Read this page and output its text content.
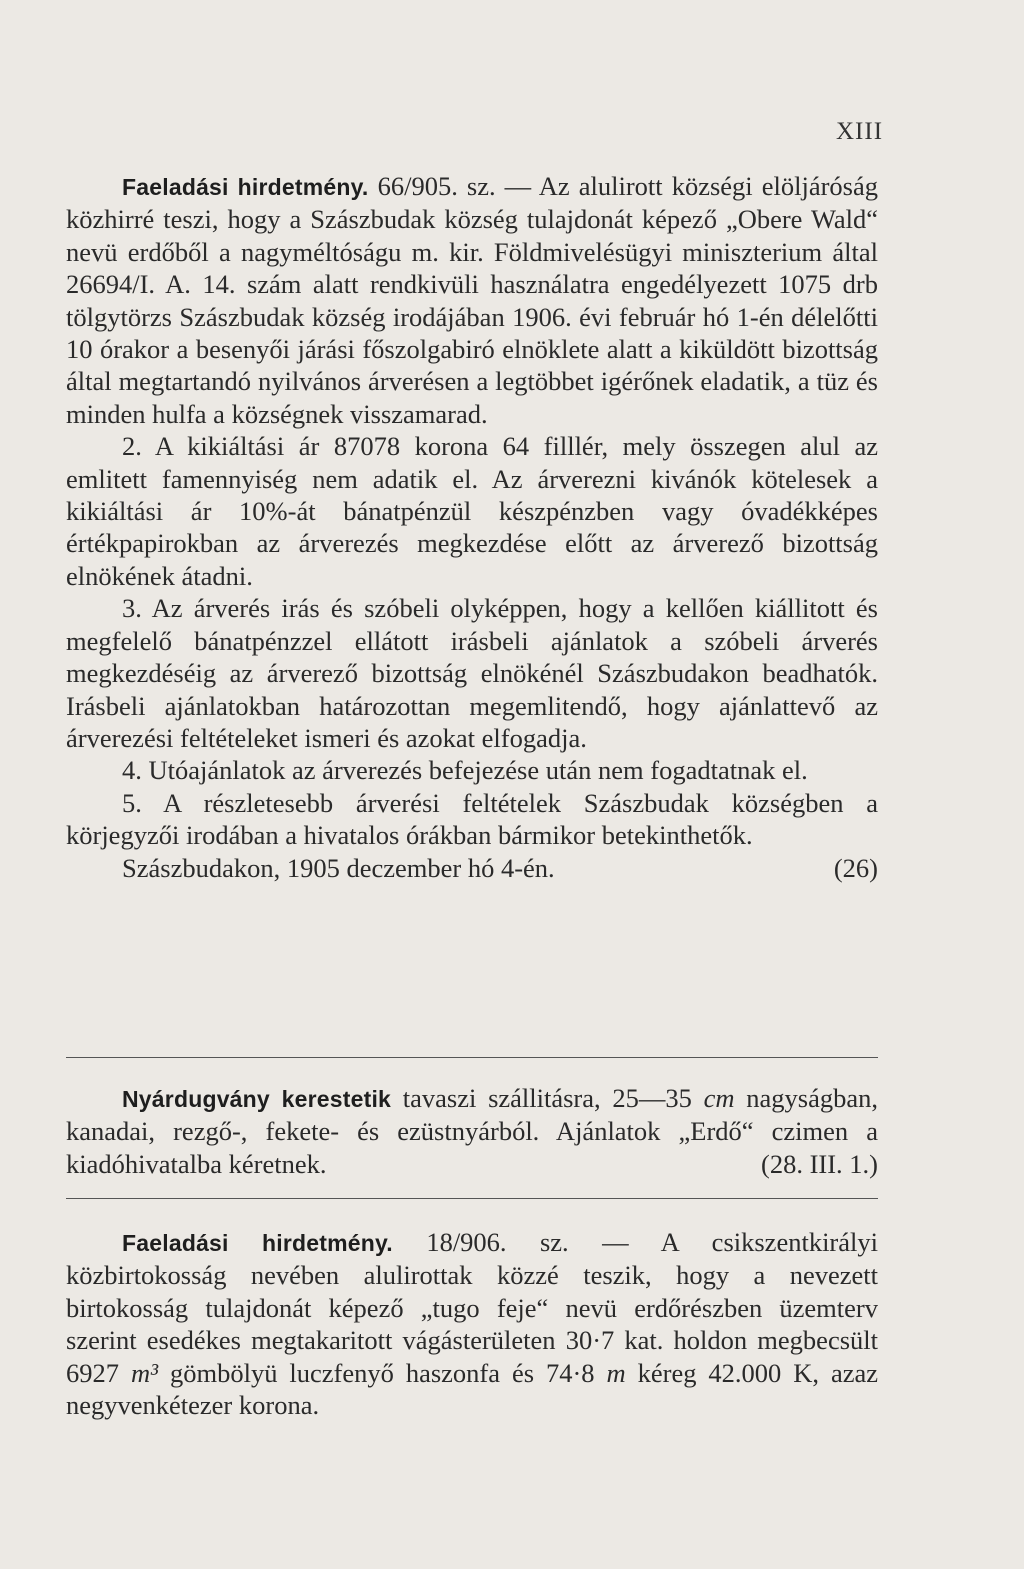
XIII

Faeladási hirdetmény. 66/905. sz. — Az alulirott községi elöljáróság közhirré teszi, hogy a Szászbudak község tulajdonát képező „Obere Wald“ nevü erdőből a nagyméltóságu m. kir. Földmivelésügyi miniszterium által 26694/I. A. 14. szám alatt rendkivüli használatra engedélyezett 1075 drb tölgytörzs Szászbudak község irodájában 1906. évi február hó 1-én délelőtti 10 órakor a besenyői járási főszolgabiró elnöklete alatt a kiküldött bizottság által megtartandó nyilvános árverésen a legtöbbet igérőnek eladatik, a tüz és minden hulfa a községnek visszamarad.

2. A kikiáltási ár 87078 korona 64 filllér, mely összegen alul az emlitett famennyiség nem adatik el. Az árverezni kivánók kötelesek a kikiáltási ár 10%-át bánatpénzül készpénzben vagy óvadékképes értékpapirokban az árverezés megkezdése előtt az árverező bizottság elnökének átadni.

3. Az árverés irás és szóbeli olyképpen, hogy a kellően kiállitott és megfelelő bánatpénzzel ellátott irásbeli ajánlatok a szóbeli árverés megkezdéséig az árverező bizottság elnökénél Szászbudakon beadhatók. Irásbeli ajánlatokban határozottan megemlitendő, hogy ajánlattevő az árverezési feltételeket ismeri és azokat elfogadja.

4. Utóajánlatok az árverezés befejezése után nem fogadtatnak el.

5. A részletesebb árverési feltételek Szászbudak községben a körjegyzői irodában a hivatalos órákban bármikor betekinthetők.

Szászbudakon, 1905 deczember hó 4-én.	(26)

Nyárdugvány kerestetik tavaszi szállitásra, 25—35 cm nagyságban, kanadai, rezgő-, fekete- és ezüstnyárból. Ajánlatok „Erdő“ czimen a kiadóhivatalba kéretnek.	(28. III. 1.)

Faeladási hirdetmény. 18/906. sz. — A csikszentkirályi közbirtokosság nevében alulirottak közzé teszik, hogy a nevezett birtokosság tulajdonát képező „tugo feje“ nevü erdőrészben üzemterv szerint esedékes megtakaritott vágásterületen 30·7 kat. holdon megbecsült 6927 m³ gömbölyü luczfenyő haszonfa és 74·8 m kéreg 42.000 K, azaz negyvenkétezer korona.
